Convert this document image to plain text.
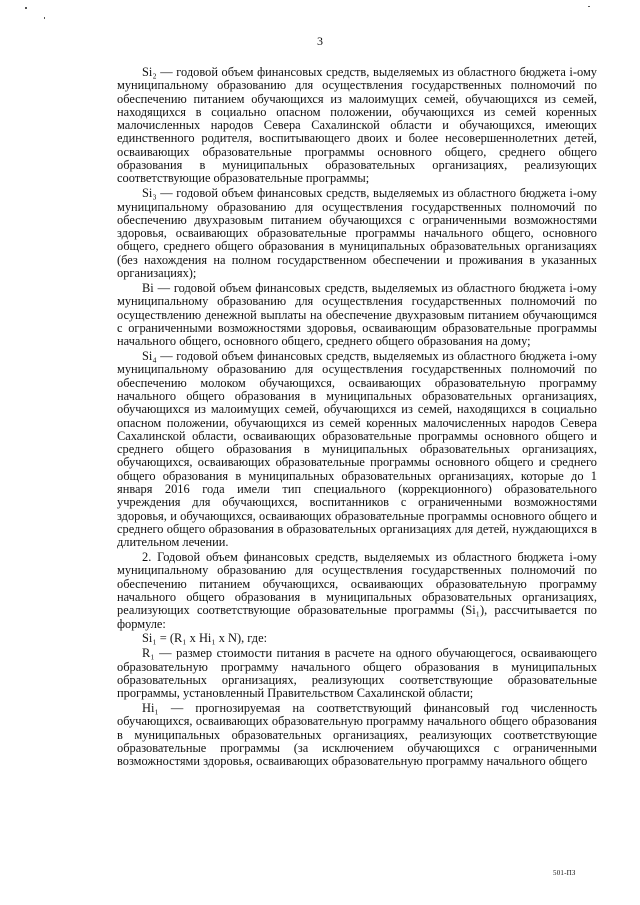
3

Si₂ — годовой объем финансовых средств, выделяемых из областного бюджета i-ому муниципальному образованию для осуществления государственных полномочий по обеспечению питанием обучающихся из малоимущих семей, обучающихся из семей, находящихся в социально опасном положении, обучающихся из семей коренных малочисленных народов Севера Сахалинской области и обучающихся, имеющих единственного родителя, воспитывающего двоих и более несовершеннолетних детей, осваивающих образовательные программы основного общего, среднего общего образования в муниципальных образовательных организациях, реализующих соответствующие образовательные программы;

Si₃ — годовой объем финансовых средств, выделяемых из областного бюджета i-ому муниципальному образованию для осуществления государственных полномочий по обеспечению двухразовым питанием обучающихся с ограниченными возможностями здоровья, осваивающих образовательные программы начального общего, основного общего, среднего общего образования в муниципальных образовательных организациях (без нахождения на полном государственном обеспечении и проживания в указанных организациях);

Вi — годовой объем финансовых средств, выделяемых из областного бюджета i-ому муниципальному образованию для осуществления государственных полномочий по осуществлению денежной выплаты на обеспечение двухразовым питанием обучающимся с ограниченными возможностями здоровья, осваивающим образовательные программы начального общего, основного общего, среднего общего образования на дому;

Si₄ — годовой объем финансовых средств, выделяемых из областного бюджета i-ому муниципальному образованию для осуществления государственных полномочий по обеспечению молоком обучающихся, осваивающих образовательную программу начального общего образования в муниципальных образовательных организациях, обучающихся из малоимущих семей, обучающихся из семей, находящихся в социально опасном положении, обучающихся из семей коренных малочисленных народов Севера Сахалинской области, осваивающих образовательные программы основного общего и среднего общего образования в муниципальных образовательных организациях, обучающихся, осваивающих образовательные программы основного общего и среднего общего образования в муниципальных образовательных организациях, которые до 1 января 2016 года имели тип специального (коррекционного) образовательного учреждения для обучающихся, воспитанников с ограниченными возможностями здоровья, и обучающихся, осваивающих образовательные программы основного общего и среднего общего образования в образовательных организациях для детей, нуждающихся в длительном лечении.

2. Годовой объем финансовых средств, выделяемых из областного бюджета i-ому муниципальному образованию для осуществления государственных полномочий по обеспечению питанием обучающихся, осваивающих образовательную программу начального общего образования в муниципальных образовательных организациях, реализующих соответствующие образовательные программы (Si₁), рассчитывается по формуле:

Si₁ = (R₁ x Hi₁ x N), где:

R₁ — размер стоимости питания в расчете на одного обучающегося, осваивающего образовательную программу начального общего образования в муниципальных образовательных организациях, реализующих соответствующие образовательные программы, установленный Правительством Сахалинской области;

Hi₁ — прогнозируемая на соответствующий финансовый год численность обучающихся, осваивающих образовательную программу начального общего образования в муниципальных образовательных организациях, реализующих соответствующие образовательные программы (за исключением обучающихся с ограниченными возможностями здоровья, осваивающих образовательную программу начального общего

501-ПЗ
